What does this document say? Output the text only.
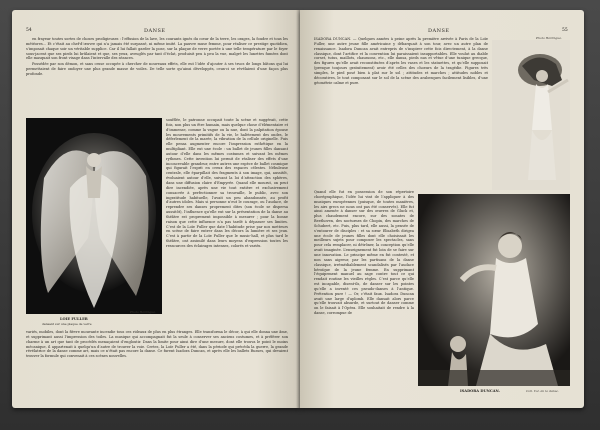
54	DANSE

en frayeur toutes sortes de choses prodigieuses : l’effusion de la lave, les courants ignés du cœur de la terre, les orages, la foudre et tous les météores... Et c’était au chef-d’œuvre qui n’a jamais été surpassé, ni même imité. La pauvre muse femme, pour réaliser ce prestige quotidien, s’imposait chaque soir un véritable supplice. Car il lui fallait garder la pose, sur la plaque de verre portée à une telle température par le foyer sous-jacent que ses pieds lui brûlaient et que, ses yeux, aveuglés par tant d’éclat, produisit peu à peu la vue, malgré les lunettes fumées dont elle masquait son front visage dans l’intervalle des séances.

Possédée par son démon, et sans cesse occupée à chercher de nouveaux effets, elle eut l’idée d’ajouter à ses trucs de longs bâtons qui lui permettaient de faire ondoyer une plus grande masse de voiles. De telle sorte qu’ainsi développés, ceux-ci se révélaient d’une façon plus profonde.

LOIE FULLER
dansant sur une plaque de verre
Photo Harlingue.

soufflée, le patronne occupait toute la scène et suggérait, cette fois, non plus un être humain, mais quelque chose d’élémentaire et d’immense, comme la vague ou la nue, dont la palpitation épouse les mouvements primitifs de la vie, le halètement des ondes, le déferlement de la marée, la vibration de la cellule originelle. Puis elle pensa augmenter encore l’impression esthétique en la multipliant. Elle eut une école : un ballet de jeunes filles dansant autour d’elle dans les mêmes costumes et suivant les mêmes rythmes. Cette invention lui permit de réaliser des effets d’une inconcevable grandeur, entre autres une espèce de ballet cosmique qui figurait l’esprit en creux des espaces célestes. Nébuleuse centrale, elle éparpillait des fragments à son image, qui, aussitôt, évoluaient autour d’elle, suivant la loi d’attraction des sphères, dans une diffusion claire d’Empyrée. Quand elle mourut, on peut dire incendiée, après une vie tout entière et exclusivement consacrée à perfectionner sa trouvaille, le public, avec son ingratitude habituelle, l’avait un peu abandonnée, au profit d’autres idoles. Mais si personne n’eut le courage, ou l’audace, de reprendre ses danses proprement dites (son école se dispersa aussitôt), l’influence qu’elle eut sur la présentation de la danse au théâtre est proprement impossible à mesurer ; pour la bonne raison que cette influence n’a pas tardé à dépasser ses limites. C’est de la Loïe Fuller que date l’habitude prise par nos metteurs en scène de faire entrer dans les décors la lumière et ses jeux. C’est à partir de la Loïe Fuller que le music-hall, et plus tard le théâtre, ont assimilé dans leurs moyens d’expression toutes les ressources des éclairages intenses, colorés et variés.

variés, mobiles, dont la fièvre mouvante incendie tous ces rideaux de plus en plus étranges. Elle transforma le décor, à qui elle donna une âme, et supprimant aussi l’impression des toiles. La musique qui accompagnait fut la seule à conserver ses anciens costumes, et à préférer son charme à un art que tant de procédés menaçaient d’engloutir. Dans la limite pour ainsi dire d’une mesure, dont elle trouva le point le moins mécanique, il appartenait à quelqu’un d’autre de trouver la voie. Certes, la Loïe Fuller a été, dans la période qui précéda la guerre, la grande révélatrice de la danse comme art, mais ce n’était pas encore la danse. Ce furent Isadora Duncan, et après elle les ballets Russes, qui devaient trouver la formule qui convenait à ces scènes nouvelles.

DANSE	55
Photo Harlingue.

ISADORA DUNCAN. — Quelques années à peine après la première arrivée à Paris de la Loïe Fuller, une autre jeune fille américaine y débarquait à son tour, avec un autre plan de renaissance. Isadora Duncan avait entrepris de s’inspirer cette fois directement, à la danse classique, dont l’artifice et la convention lui paraissaient insupportables. Elle voulut au diable corset, tutus, maillots, chaussons, etc., elle dansa, pieds nus et vêtue d’une tunique grecque, des figures qu’elle avait reconstituées d’après les vases et les statuettes, et qu’elle supposait (presque toujours gratuitement) avoir été celles des choeurs de la tragédie. Figures très simples, le pied posé bien à plat sur le sol ; attitudes et marches ; attitudes nobles et décoratives, le tout composant sur le sol de la scène des arabesques facilement lisibles, d’une géométrie calme et pure.

Quand elle fut en possession de son répertoire chorégraphique, l’idée lui vint de l’appliquer à des musiques européennes (puisque, de toutes manières, les airs grecs ne nous ont pas été conservés). Elle fut ainsi amenée à danser sur des œuvres de Gluck et, plus chaudement encore, sur des sonates de Beethoven, des nocturnes de Chopin, des marches de Schubert, etc. Puis, plus tard, elle aussi, la pensée de s’entourer de disciples : et sa sœur Elisabeth dirigea une école de jeunes filles dont elle choisissait les meilleurs sujets pour composer les spectacles, sans pour cela remplacer, ni détrôner, la conception qu’elle avait imaginée. L’enseignement fut loin de se faire sur une innovation. Le principe même en fut contesté, et non sans aigreur, par les partisans de la danse classique, irrémédiablement scandalisés par l’audace héroïque de la jeune femme. En supprimant l’équipement manuel au sage contre tout ce qui rendait routine les vieilles règles. C’est parce qu’elle est incapable, disent-ils, de danser sur les pointes qu’elle a inventé ces pseudo-danses à l’antique. Prétention pure ! — Or, c’était faux. Isadora Duncan avait une large d’aplomb. Elle dansait alors parce qu’elle trouvait absurde, et surtout de danser comme on le faisait à l’Opéra. Elle souhaitait de rendre à la danse, corrompue de

ISADORA DUNCAN.	Coll. Vol. de la danse.
